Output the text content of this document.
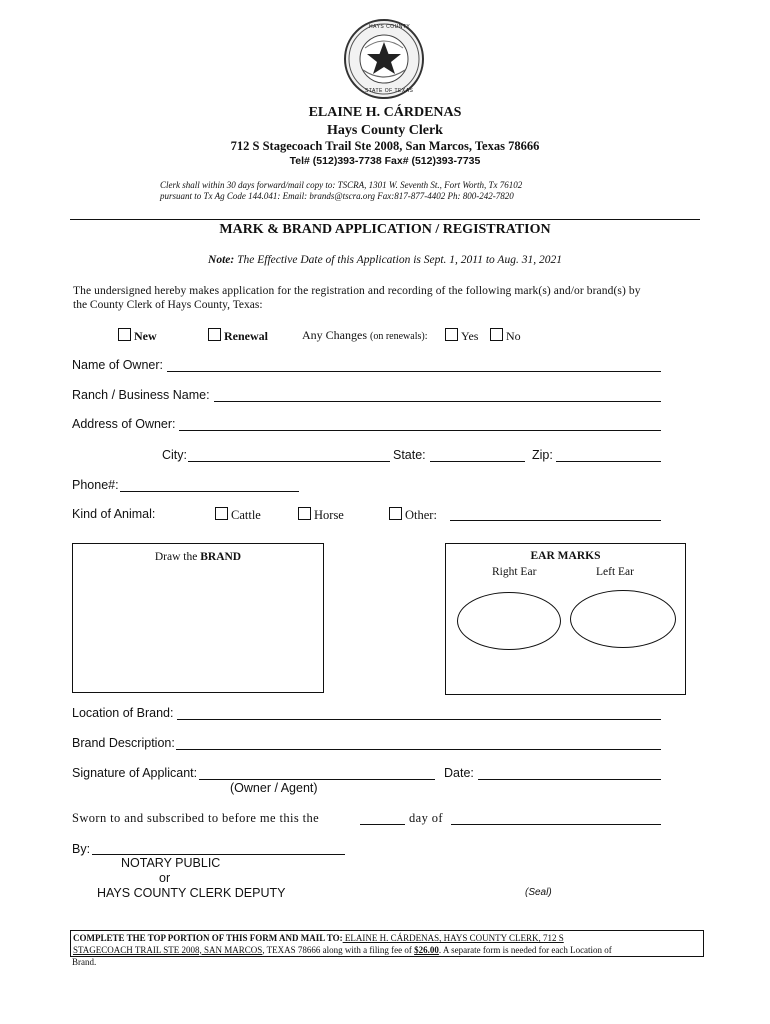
HAYS COUNTY
STATE OF TEXAS
ELAINE H. CÁRDENAS
Hays County Clerk
712 S Stagecoach Trail Ste 2008, San Marcos, Texas 78666
Tel# (512)393-7738 Fax# (512)393-7735
Clerk shall within 30 days forward/mail copy to: TSCRA, 1301 W. Seventh St., Fort Worth, Tx 76102
pursuant to Tx Ag Code 144.041: Email: brands@tscra.org Fax:817-877-4402 Ph: 800-242-7820
MARK & BRAND APPLICATION / REGISTRATION
Note: The Effective Date of this Application is Sept. 1, 2011 to Aug. 31, 2021
The undersigned hereby makes application for the registration and recording of the following mark(s) and/or brand(s) by
the County Clerk of Hays County, Texas:
New	Renewal	Any Changes (on renewals):	Yes	No
Name of Owner:
Ranch / Business Name:
Address of Owner:
City:	State:	Zip:
Phone#:
Kind of Animal:	Cattle	Horse	Other:
Draw the BRAND	EAR MARKS
Right Ear	Left Ear
Location of Brand:
Brand Description:
Signature of Applicant:	Date:
(Owner / Agent)
Sworn to and subscribed to before me this the	day of
By:
NOTARY PUBLIC
or
HAYS COUNTY CLERK DEPUTY	(Seal)
COMPLETE THE TOP PORTION OF THIS FORM AND MAIL TO: ELAINE H. CÁRDENAS, HAYS COUNTY CLERK, 712 S
STAGECOACH TRAIL STE 2008, SAN MARCOS, TEXAS 78666 along with a filing fee of $26.00. A separate form is needed for each Location of
Brand.
